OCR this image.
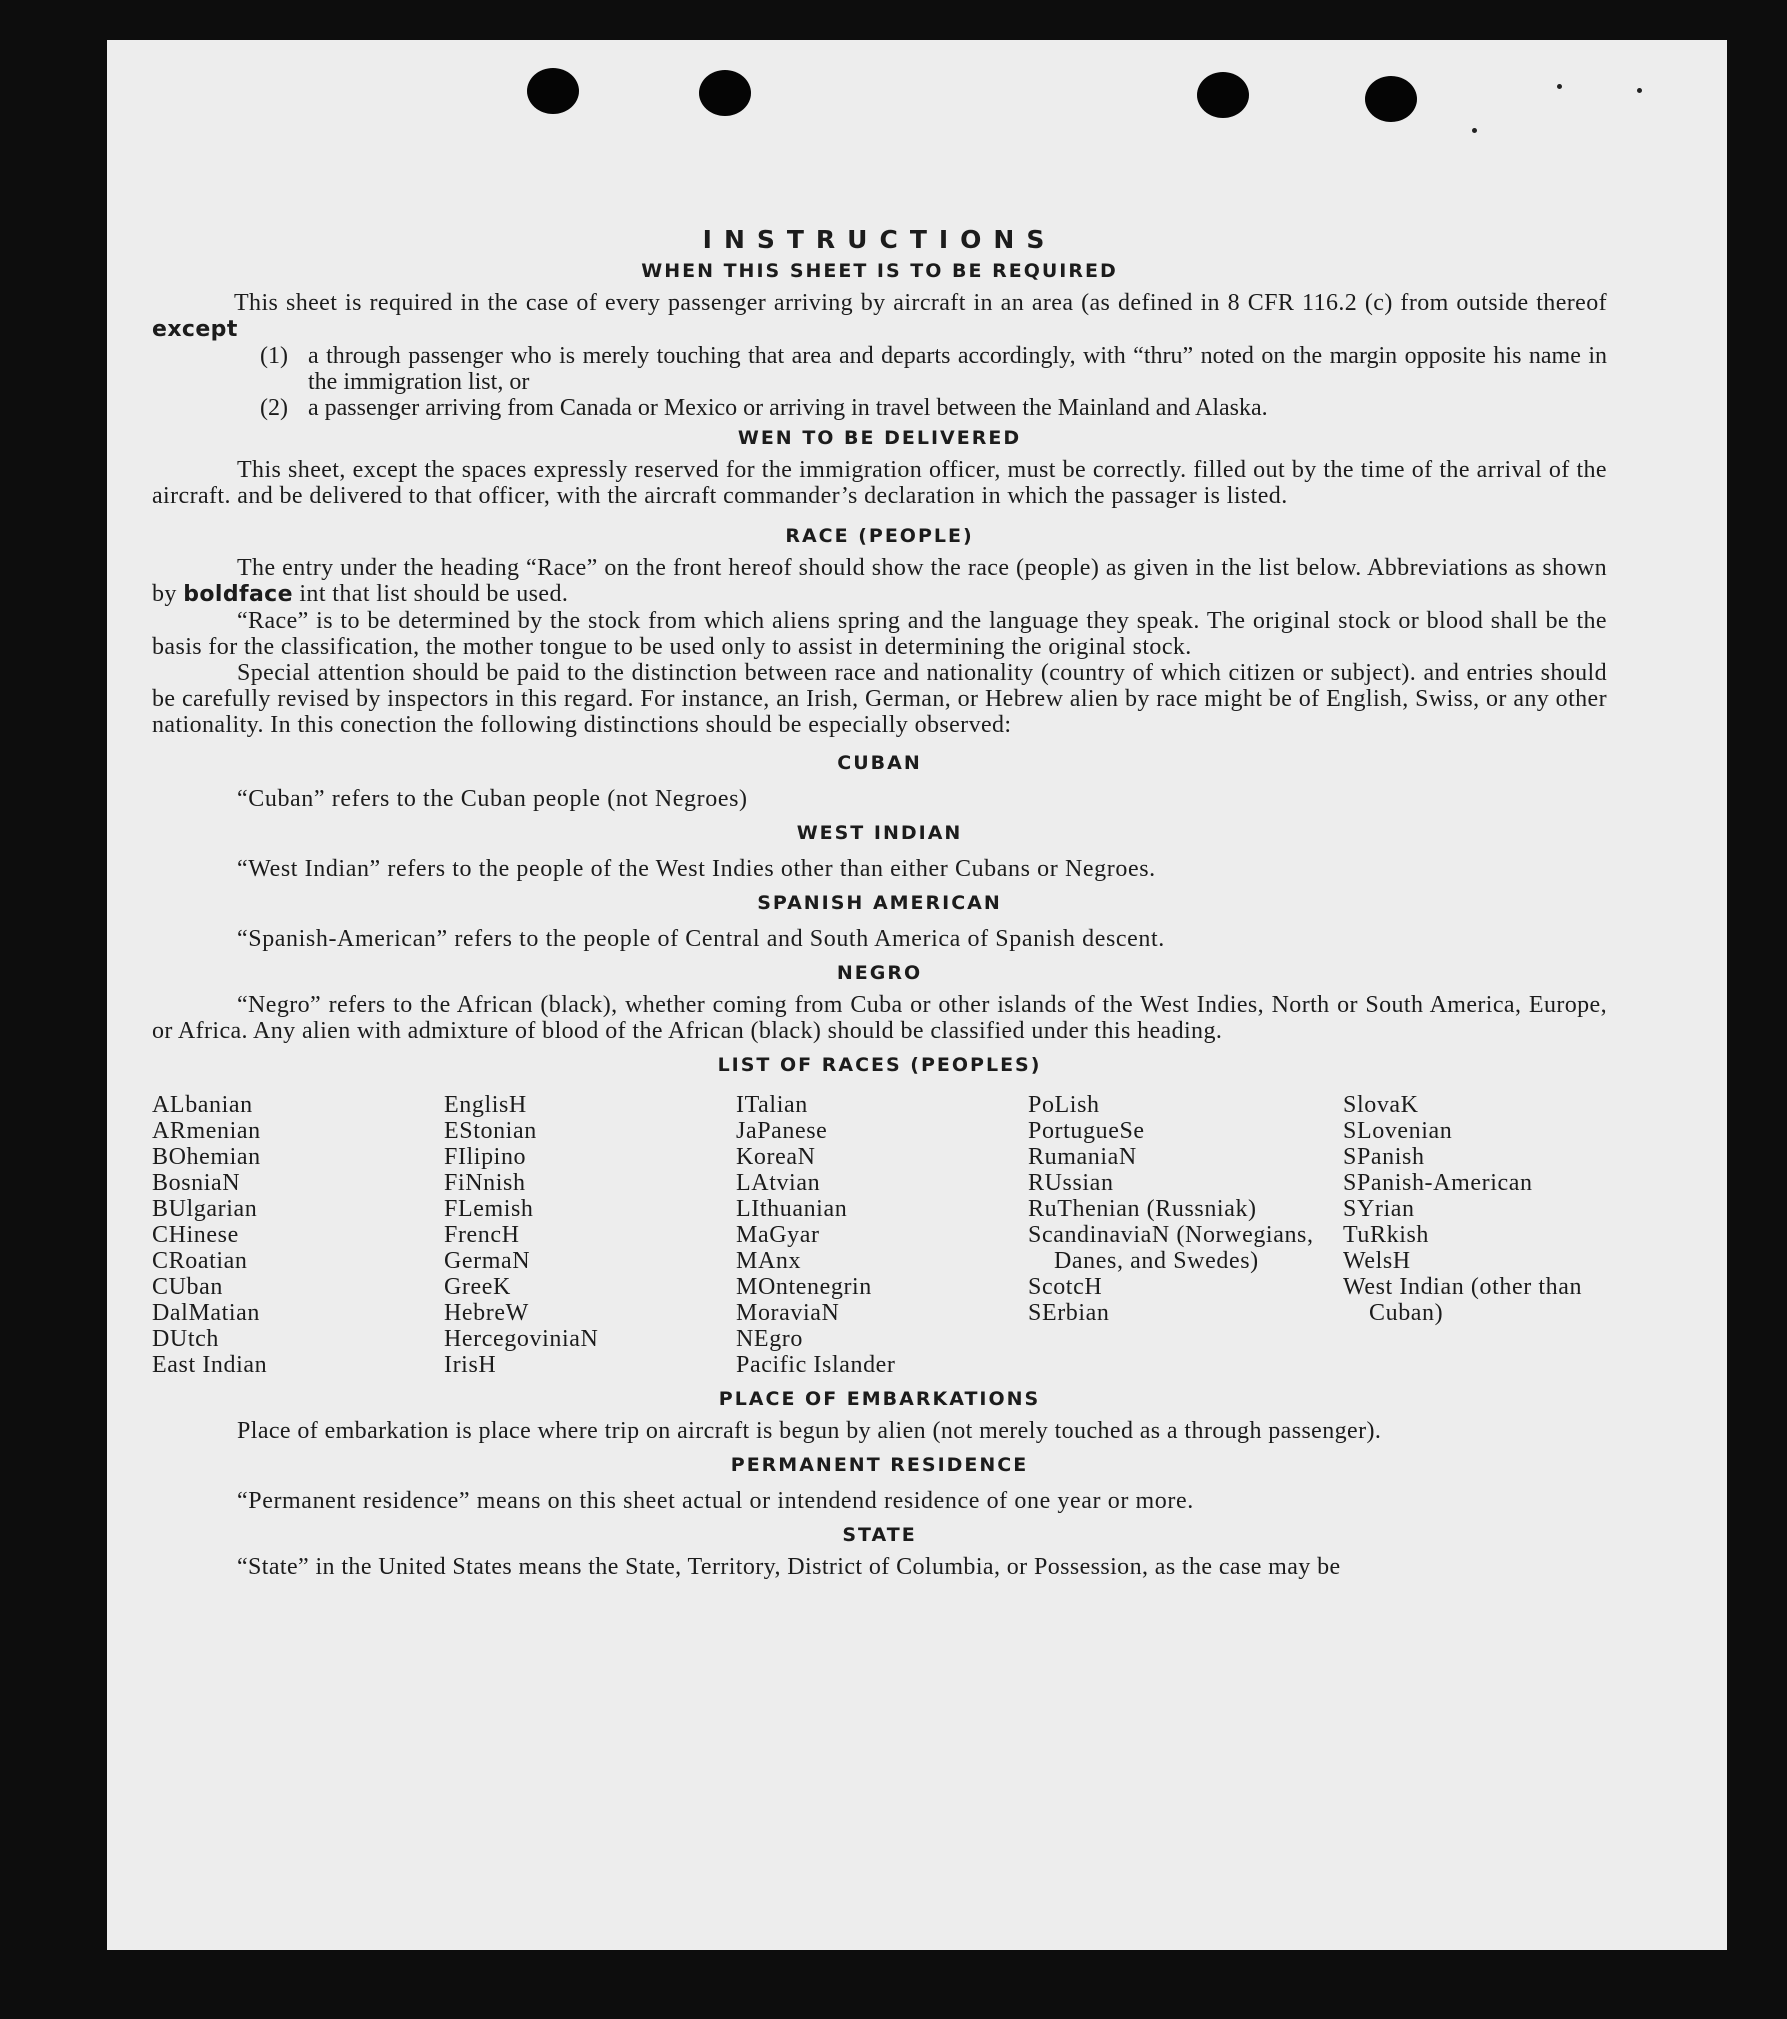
INSTRUCTIONS
WHEN THIS SHEET IS TO BE REQUIRED

This sheet is required in the case of every passenger arriving by aircraft in an area (as defined in 8 CFR 116.2 (c) from outside thereof except

(1) a through passenger who is merely touching that area and departs accordingly, with “thru” noted on the margin opposite his name in the immigration list, or
(2) a passenger arriving from Canada or Mexico or arriving in travel between the Mainland and Alaska.
WEN TO BE DELIVERED

This sheet, except the spaces expressly reserved for the immigration officer, must be correctly. filled out by the time of the arrival of the aircraft. and be delivered to that officer, with the aircraft commander’s declaration in which the passager is listed.

RACE (PEOPLE)

The entry under the heading “Race” on the front hereof should show the race (people) as given in the list below. Abbreviations as shown by boldface int that list should be used.

“Race” is to be determined by the stock from which aliens spring and the language they speak. The original stock or blood shall be the basis for the classification, the mother tongue to be used only to assist in determining the original stock.

Special attention should be paid to the distinction between race and nationality (country of which citizen or subject). and entries should be carefully revised by inspectors in this regard. For instance, an Irish, German, or Hebrew alien by race might be of English, Swiss, or any other nationality. In this conection the following distinctions should be especially observed:

CUBAN
“Cuban” refers to the Cuban people (not Negroes)
WEST INDIAN
“West Indian” refers to the people of the West Indies other than either Cubans or Negroes.
SPANISH AMERICAN
“Spanish-American” refers to the people of Central and South America of Spanish descent.
NEGRO

“Negro” refers to the African (black), whether coming from Cuba or other islands of the West Indies, North or South America, Europe, or Africa. Any alien with admixture of blood of the African (black) should be classified under this heading.

LIST OF RACES (PEOPLES)
ALbanian
ARmenian
BOhemian
BosniaN
BUlgarian
CHinese
CRoatian
CUban
DalMatian
DUtch
East Indian
EnglisH
EStonian
FIlipino
FiNnish
FLemish
FrencH
GermaN
GreeK
HebreW
HercegoviniaN
IrisH
ITalian
JaPanese
KoreaN
LAtvian
LIthuanian
MaGyar
MAnx
MOntenegrin
MoraviaN
NEgro
Pacific Islander
PoLish
PortugueSe
RumaniaN
RUssian
RuThenian (Russniak)
ScandinaviaN (Norwegians, Danes, and Swedes)
ScotcH
SErbian
SlovaK
SLovenian
SPanish
SPanish-American
SYrian
TuRkish
WelsH
West Indian (other than Cuban)
PLACE OF EMBARKATIONS

Place of embarkation is place where trip on aircraft is begun by alien (not merely touched as a through passenger).

PERMANENT RESIDENCE
“Permanent residence” means on this sheet actual or intendend residence of one year or more.
STATE

“State” in the United States means the State, Territory, District of Columbia, or Possession, as the case may be
